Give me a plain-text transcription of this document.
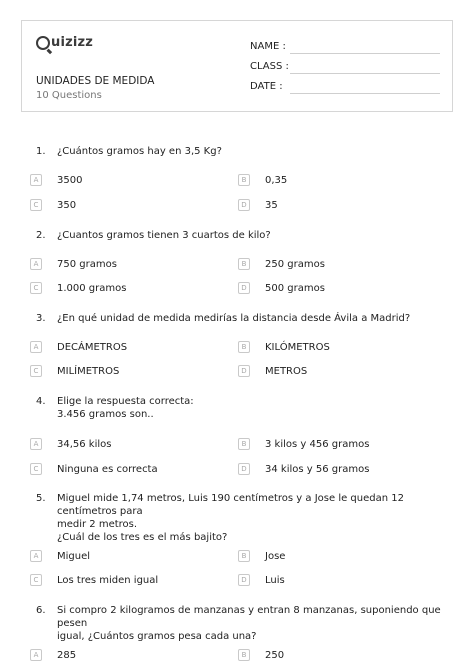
uizizz
UNIDADES DE MEDIDA
10 Questions
NAME :
CLASS :
DATE :
1. ¿Cuántos gramos hay en 3,5 Kg?
A	3500	B	0,35
C	350	D	35
2. ¿Cuantos gramos tienen 3 cuartos de kilo?
A	750 gramos	B	250 gramos
C	1.000 gramos	D	500 gramos
3. ¿En qué unidad de medida medirías la distancia desde Ávila a Madrid?
A	DECÁMETROS	B	KILÓMETROS
C	MILÍMETROS	D	METROS
4. Elige la respuesta correcta:
3.456 gramos son..
A	34,56 kilos	B	3 kilos y 456 gramos
C	Ninguna es correcta	D	34 kilos y 56 gramos
5. Miguel mide 1,74 metros, Luis 190 centímetros y a Jose le quedan 12 centímetros para
medir 2 metros.
¿Cuál de los tres es el más bajito?
A	Miguel	B	Jose
C	Los tres miden igual	D	Luis
6. Si compro 2 kilogramos de manzanas y entran 8 manzanas, suponiendo que pesen
igual, ¿Cuántos gramos pesa cada una?
A	285	B	250
